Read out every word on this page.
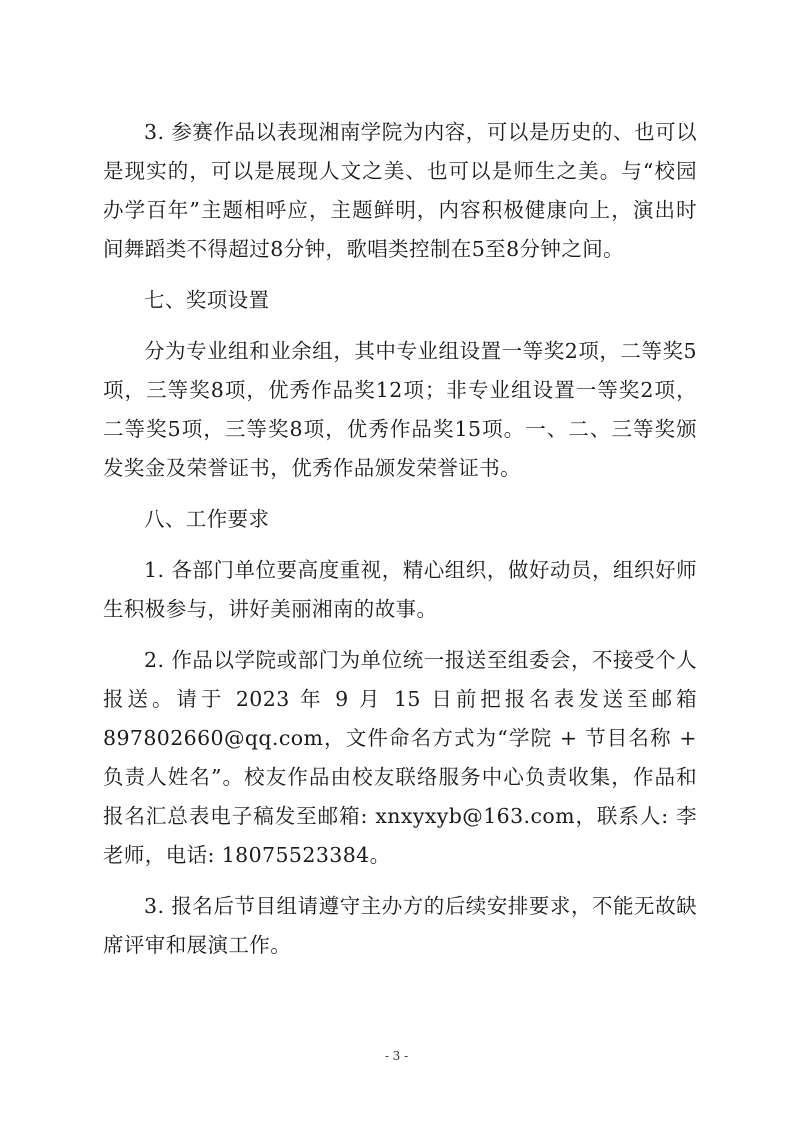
3. 参赛作品以表现湘南学院为内容，可以是历史的、也可以是现实的，可以是展现人文之美、也可以是师生之美。与“校园办学百年”主题相呼应，主题鲜明，内容积极健康向上，演出时间舞蹈类不得超过8分钟，歌唱类控制在5至8分钟之间。

七、奖项设置

分为专业组和业余组，其中专业组设置一等奖2项，二等奖5项，三等奖8项，优秀作品奖12项；非专业组设置一等奖2项，二等奖5项，三等奖8项，优秀作品奖15项。一、二、三等奖颁发奖金及荣誉证书，优秀作品颁发荣誉证书。

八、工作要求

1. 各部门单位要高度重视，精心组织，做好动员，组织好师生积极参与，讲好美丽湘南的故事。

2. 作品以学院或部门为单位统一报送至组委会，不接受个人报送。请于 2023 年 9 月 15 日前把报名表发送至邮箱 897802660@qq.com，文件命名方式为“学院 + 节目名称 + 负责人姓名”。校友作品由校友联络服务中心负责收集，作品和报名汇总表电子稿发至邮箱: xnxyxyb@163.com，联系人: 李老师，电话: 18075523384。

3. 报名后节目组请遵守主办方的后续安排要求，不能无故缺席评审和展演工作。

- 3 -
